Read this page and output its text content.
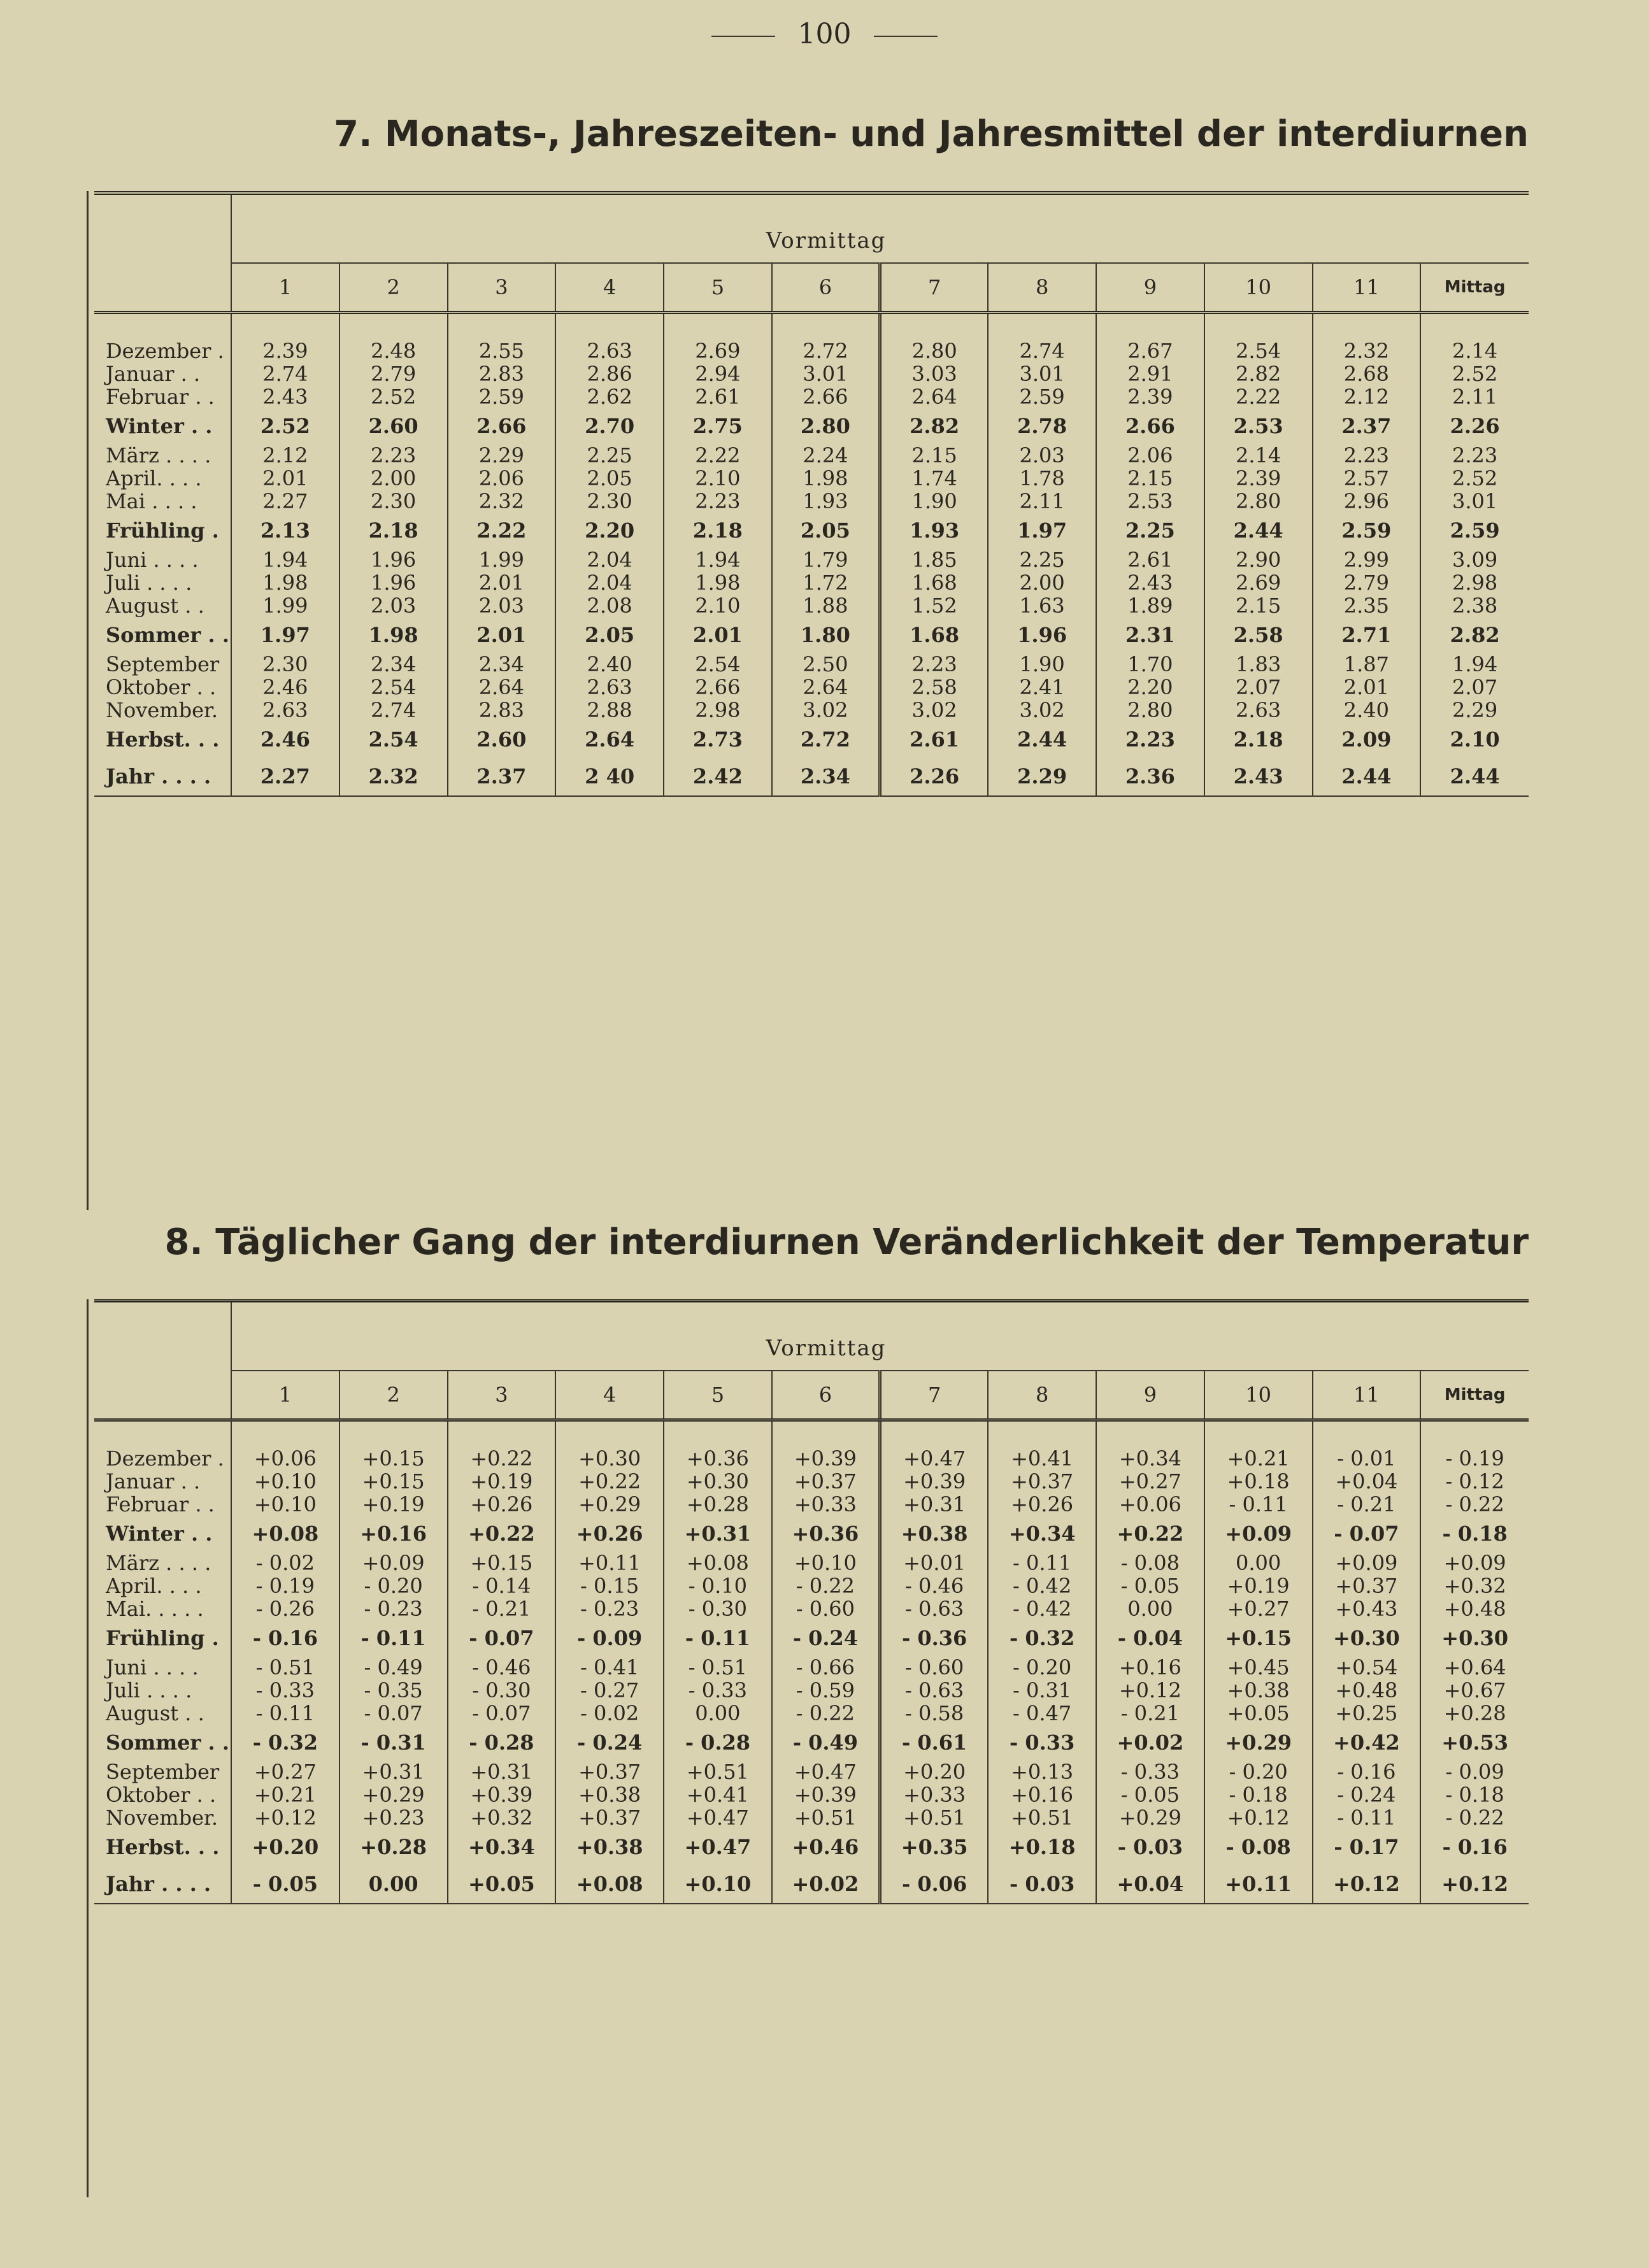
100
7. Monats-, Jahreszeiten- und Jahresmittel der interdiurnen
	Vormittag											
	1	2	3	4	5	6	7	8	9	10	11	Mittag

Dezember .	2.39	2.48	2.55	2.63	2.69	2.72	2.80	2.74	2.67	2.54	2.32	2.14
Januar . .	2.74	2.79	2.83	2.86	2.94	3.01	3.03	3.01	2.91	2.82	2.68	2.52
Februar . .	2.43	2.52	2.59	2.62	2.61	2.66	2.64	2.59	2.39	2.22	2.12	2.11
Winter . .	2.52	2.60	2.66	2.70	2.75	2.80	2.82	2.78	2.66	2.53	2.37	2.26
März . . . .	2.12	2.23	2.29	2.25	2.22	2.24	2.15	2.03	2.06	2.14	2.23	2.23
April. . . .	2.01	2.00	2.06	2.05	2.10	1.98	1.74	1.78	2.15	2.39	2.57	2.52
Mai . . . .	2.27	2.30	2.32	2.30	2.23	1.93	1.90	2.11	2.53	2.80	2.96	3.01
Frühling .	2.13	2.18	2.22	2.20	2.18	2.05	1.93	1.97	2.25	2.44	2.59	2.59
Juni . . . .	1.94	1.96	1.99	2.04	1.94	1.79	1.85	2.25	2.61	2.90	2.99	3.09
Juli . . . .	1.98	1.96	2.01	2.04	1.98	1.72	1.68	2.00	2.43	2.69	2.79	2.98
August . .	1.99	2.03	2.03	2.08	2.10	1.88	1.52	1.63	1.89	2.15	2.35	2.38
Sommer . .	1.97	1.98	2.01	2.05	2.01	1.80	1.68	1.96	2.31	2.58	2.71	2.82
September	2.30	2.34	2.34	2.40	2.54	2.50	2.23	1.90	1.70	1.83	1.87	1.94
Oktober . .	2.46	2.54	2.64	2.63	2.66	2.64	2.58	2.41	2.20	2.07	2.01	2.07
November.	2.63	2.74	2.83	2.88	2.98	3.02	3.02	3.02	2.80	2.63	2.40	2.29
Herbst. . .	2.46	2.54	2.60	2.64	2.73	2.72	2.61	2.44	2.23	2.18	2.09	2.10
Jahr . . . .	2.27	2.32	2.37	2 40	2.42	2.34	2.26	2.29	2.36	2.43	2.44	2.44
8. Täglicher Gang der interdiurnen Veränderlichkeit der Temperatur
	Vormittag											
	1	2	3	4	5	6	7	8	9	10	11	Mittag

Dezember .	+0.06	+0.15	+0.22	+0.30	+0.36	+0.39	+0.47	+0.41	+0.34	+0.21	- 0.01	- 0.19
Januar . .	+0.10	+0.15	+0.19	+0.22	+0.30	+0.37	+0.39	+0.37	+0.27	+0.18	+0.04	- 0.12
Februar . .	+0.10	+0.19	+0.26	+0.29	+0.28	+0.33	+0.31	+0.26	+0.06	- 0.11	- 0.21	- 0.22
Winter . .	+0.08	+0.16	+0.22	+0.26	+0.31	+0.36	+0.38	+0.34	+0.22	+0.09	- 0.07	- 0.18
März . . . .	- 0.02	+0.09	+0.15	+0.11	+0.08	+0.10	+0.01	- 0.11	- 0.08	0.00	+0.09	+0.09
April. . . .	- 0.19	- 0.20	- 0.14	- 0.15	- 0.10	- 0.22	- 0.46	- 0.42	- 0.05	+0.19	+0.37	+0.32
Mai. . . . .	- 0.26	- 0.23	- 0.21	- 0.23	- 0.30	- 0.60	- 0.63	- 0.42	0.00	+0.27	+0.43	+0.48
Frühling .	- 0.16	- 0.11	- 0.07	- 0.09	- 0.11	- 0.24	- 0.36	- 0.32	- 0.04	+0.15	+0.30	+0.30
Juni . . . .	- 0.51	- 0.49	- 0.46	- 0.41	- 0.51	- 0.66	- 0.60	- 0.20	+0.16	+0.45	+0.54	+0.64
Juli . . . .	- 0.33	- 0.35	- 0.30	- 0.27	- 0.33	- 0.59	- 0.63	- 0.31	+0.12	+0.38	+0.48	+0.67
August . .	- 0.11	- 0.07	- 0.07	- 0.02	0.00	- 0.22	- 0.58	- 0.47	- 0.21	+0.05	+0.25	+0.28
Sommer . .	- 0.32	- 0.31	- 0.28	- 0.24	- 0.28	- 0.49	- 0.61	- 0.33	+0.02	+0.29	+0.42	+0.53
September	+0.27	+0.31	+0.31	+0.37	+0.51	+0.47	+0.20	+0.13	- 0.33	- 0.20	- 0.16	- 0.09
Oktober . .	+0.21	+0.29	+0.39	+0.38	+0.41	+0.39	+0.33	+0.16	- 0.05	- 0.18	- 0.24	- 0.18
November.	+0.12	+0.23	+0.32	+0.37	+0.47	+0.51	+0.51	+0.51	+0.29	+0.12	- 0.11	- 0.22
Herbst. . .	+0.20	+0.28	+0.34	+0.38	+0.47	+0.46	+0.35	+0.18	- 0.03	- 0.08	- 0.17	- 0.16
Jahr . . . .	- 0.05	0.00	+0.05	+0.08	+0.10	+0.02	- 0.06	- 0.03	+0.04	+0.11	+0.12	+0.12
